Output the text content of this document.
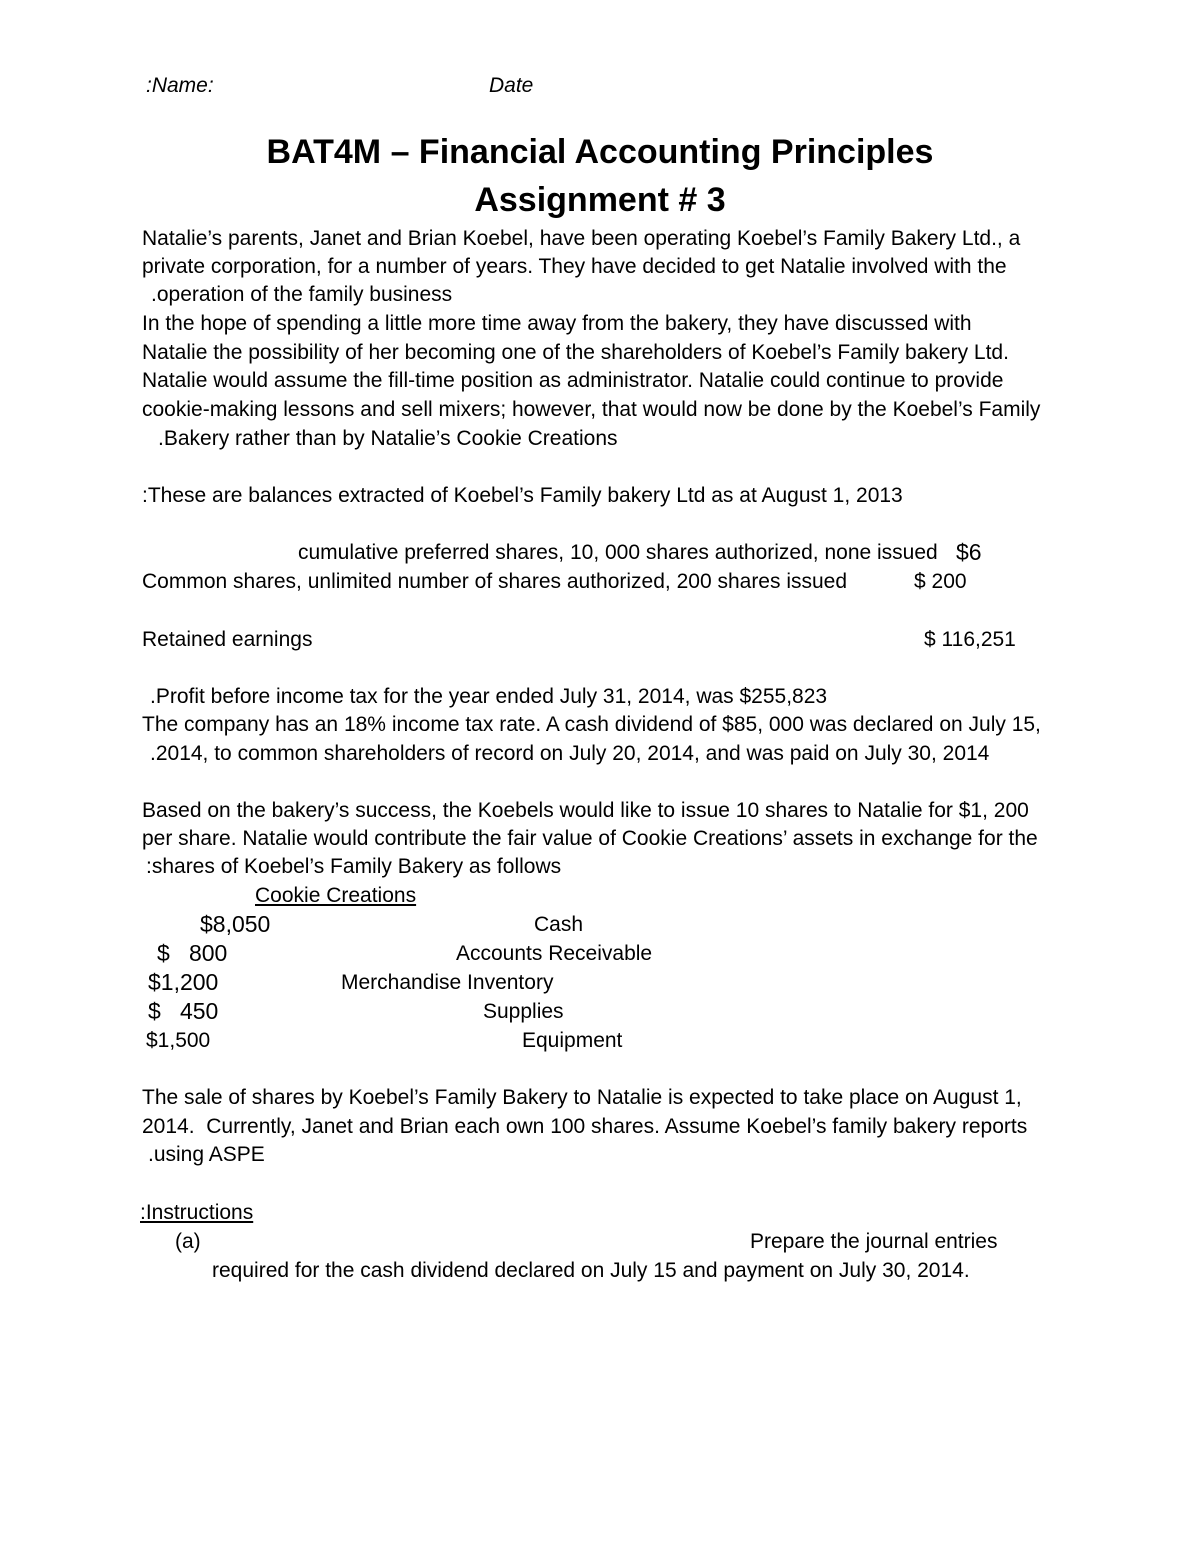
:Name:	Date
BAT4M – Financial Accounting Principles
Assignment # 3
Natalie’s parents, Janet and Brian Koebel, have been operating Koebel’s Family Bakery Ltd., a
private corporation, for a number of years. They have decided to get Natalie involved with the
.operation of the family business
In the hope of spending a little more time away from the bakery, they have discussed with
Natalie the possibility of her becoming one of the shareholders of Koebel’s Family bakery Ltd.
Natalie would assume the fill-time position as administrator. Natalie could continue to provide
cookie-making lessons and sell mixers; however, that would now be done by the Koebel’s Family
.Bakery rather than by Natalie’s Cookie Creations
:These are balances extracted of Koebel’s Family bakery Ltd as at August 1, 2013
cumulative preferred shares, 10, 000 shares authorized, none issued $6
Common shares, unlimited number of shares authorized, 200 shares issued	$ 200
Retained earnings	$ 116,251
.Profit before income tax for the year ended July 31, 2014, was $255,823
The company has an 18% income tax rate. A cash dividend of $85, 000 was declared on July 15,
.2014, to common shareholders of record on July 20, 2014, and was paid on July 30, 2014
Based on the bakery’s success, the Koebels would like to issue 10 shares to Natalie for $1, 200
per share. Natalie would contribute the fair value of Cookie Creations’ assets in exchange for the
:shares of Koebel’s Family Bakery as follows
Cookie Creations
$8,050	Cash
$   800	Accounts Receivable
$1,200	Merchandise Inventory
$   450	Supplies
$1,500	Equipment
The sale of shares by Koebel’s Family Bakery to Natalie is expected to take place on August 1,
2014.  Currently, Janet and Brian each own 100 shares. Assume Koebel’s family bakery reports
.using ASPE
:Instructions
(a)	Prepare the journal entries
required for the cash dividend declared on July 15 and payment on July 30, 2014.
